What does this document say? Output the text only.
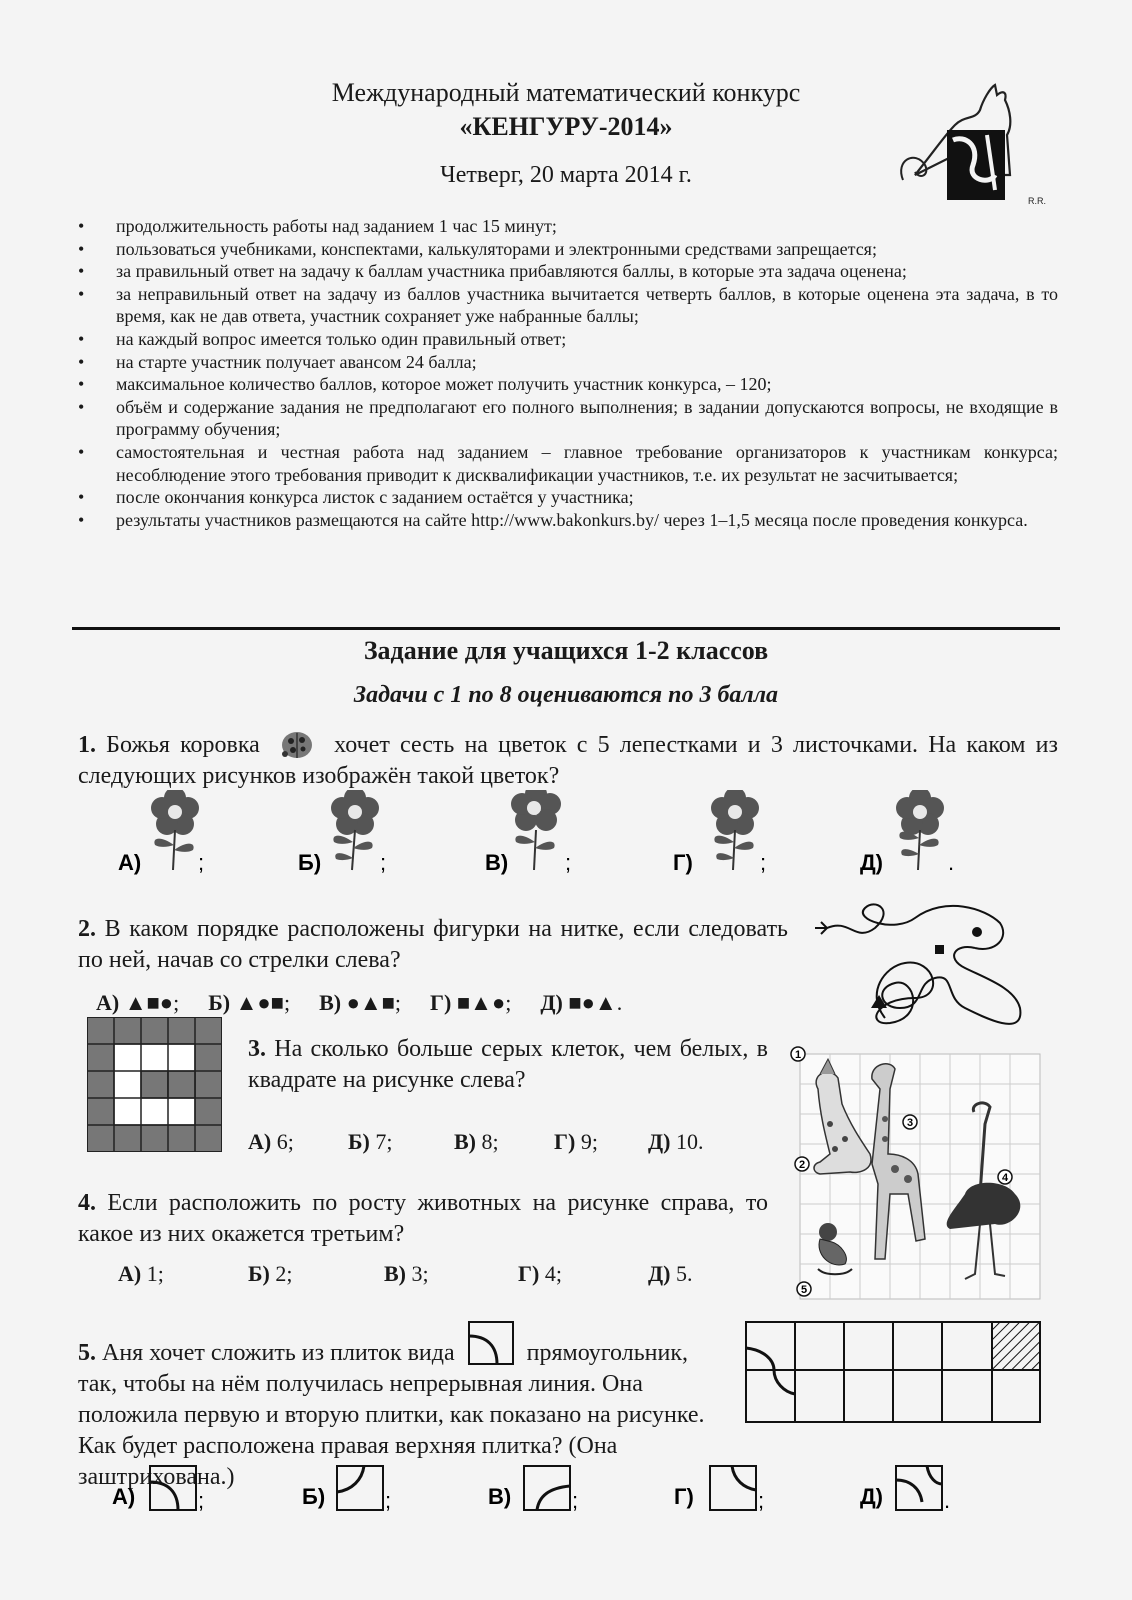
Международный математический конкурс
«КЕНГУРУ-2014»
Четверг, 20 марта 2014 г.
R.R.
• продолжительность работы над заданием 1 час 15 минут;
• пользоваться учебниками, конспектами, калькуляторами и электронными средствами запрещается;
• за правильный ответ на задачу к баллам участника прибавляются баллы, в которые эта задача оценена;
• за неправильный ответ на задачу из баллов участника вычитается четверть баллов, в которые оценена эта задача, в то время, как не дав ответа, участник сохраняет уже набранные баллы;
• на каждый вопрос имеется только один правильный ответ;
• на старте участник получает авансом 24 балла;
• максимальное количество баллов, которое может получить участник конкурса, – 120;
• объём и содержание задания не предполагают его полного выполнения; в задании допускаются вопросы, не входящие в программу обучения;
• самостоятельная и честная работа над заданием – главное требование организаторов к участникам конкурса; несоблюдение этого требования приводит к дисквалификации участников, т.е. их результат не засчитывается;
• после окончания конкурса листок с заданием остаётся у участника;
• результаты участников размещаются на сайте http://www.bakonkurs.by/ через 1–1,5 месяца после проведения конкурса.
Задание для учащихся 1-2 классов
Задачи с 1 по 8 оцениваются по 3 балла
1. Божья коровка	хочет сесть на цветок с 5 лепестками и 3 листочками. На каком из следующих рисунков изображён такой цветок?
А)	;	Б)	;	В)	;	Г)	;	Д)	.
2. В каком порядке расположены фигурки на нитке, если следовать по ней, начав со стрелки слева?
А) ▲■●; Б) ▲●■; В) ●▲■; Г) ■▲●; Д) ■●▲.
3. На сколько больше серых клеток, чем белых, в квадрате на рисунке слева?
А) 6; Б) 7;	В) 8;	Г) 9; Д) 10.
4. Если расположить по росту животных на рисунке справа, то какое из них окажется третьим?
А) 1;	Б) 2;	В) 3;	Г) 4;	Д) 5.
1
2
3
4
5
5. Аня хочет сложить из плиток вида	прямоугольник, так, чтобы на нём получилась непрерывная линия. Она положила первую и вторую плитки, как показано на рисунке. Как будет расположена правая верхняя плитка? (Она заштрихована.)
А)	;	Б)	;	В)	;	Г)	;	Д)	.
